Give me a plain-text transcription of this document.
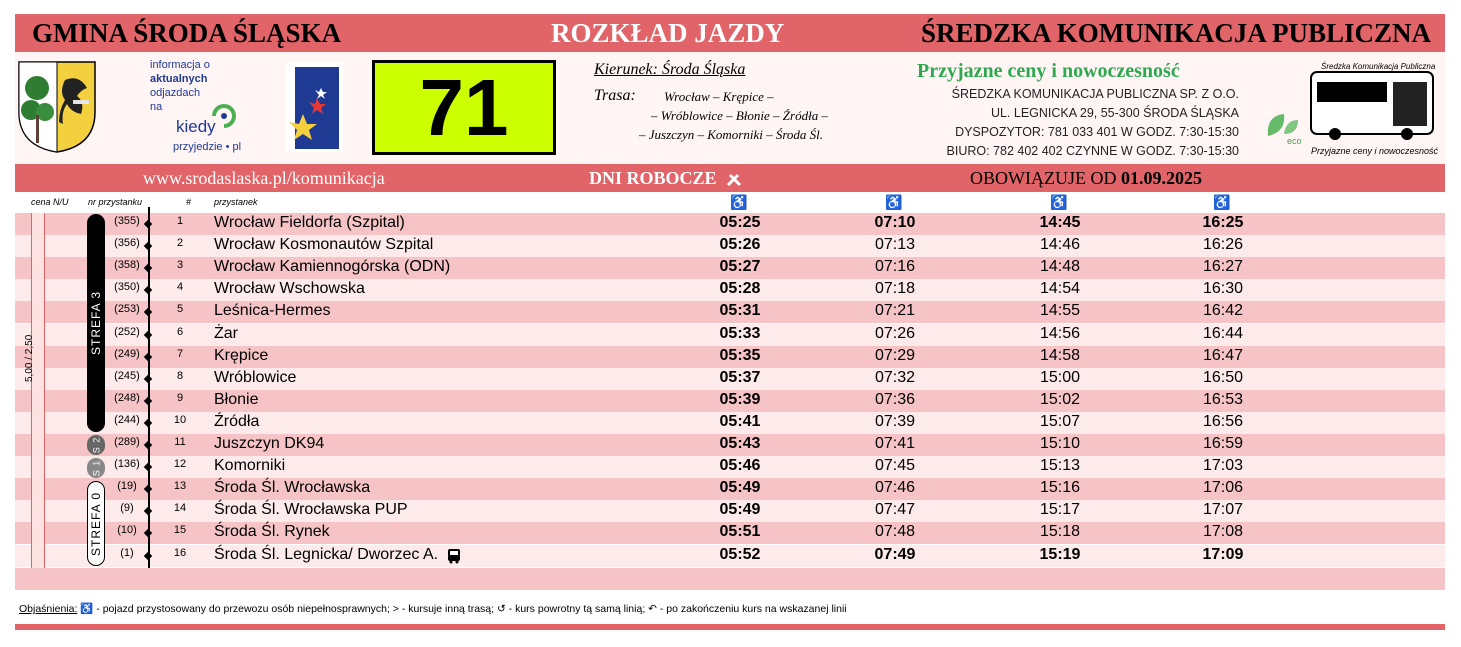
GMINA ŚRODA ŚLĄSKA	ROZKŁAD JAZDY	ŚREDZKA KOMUNIKACJA PUBLICZNA
informacja o
aktualnych
odjazdach
na
kiedy
przyjedzie • pl	71	Kierunek: Środa Śląska
Trasa: Wrocław – Krępice –
– Wróblowice – Błonie – Źródła –
– Juszczyn – Komorniki – Środa Śl.
Przyjazne ceny i nowoczesność
ŚREDZKA KOMUNIKACJA PUBLICZNA SP. Z O.O.
UL. LEGNICKA 29, 55-300 ŚRODA ŚLĄSKA
DYSPOZYTOR: 781 033 401 W GODZ. 7:30-15:30
BIURO: 782 402 402 CZYNNE W GODZ. 7:30-15:30
eco
Średzka Komunikacja Publiczna
Przyjazne ceny i nowoczesność
www.srodaslaska.pl/komunikacja	DNI ROBOCZE	OBOWIĄZUJE OD 01.09.2025
cena N/U nr przystanku	#	przystanek	♿	♿	♿	♿
(355)	1	Wrocław Fieldorfa (Szpital)	05:25	07:10	14:45	16:25
(356)	2	Wrocław Kosmonautów Szpital	05:26	07:13	14:46	16:26
(358)	3	Wrocław Kamiennogórska (ODN)	05:27	07:16	14:48	16:27
(350)	4	Wrocław Wschowska	05:28	07:18	14:54	16:30
(253)	5	Leśnica-Hermes	05:31	07:21	14:55	16:42
(252)	6	Żar	05:33	07:26	14:56	16:44
(249)	7	Krępice	05:35	07:29	14:58	16:47
(245)	8	Wróblowice	05:37	07:32	15:00	16:50
(248)	9	Błonie	05:39	07:36	15:02	16:53
(244)	10	Źródła	05:41	07:39	15:07	16:56
(289)	11	Juszczyn DK94	05:43	07:41	15:10	16:59
(136)	12	Komorniki	05:46	07:45	15:13	17:03
(19)	13	Środa Śl. Wrocławska	05:49	07:46	15:16	17:06
(9)	14	Środa Śl. Wrocławska PUP	05:49	07:47	15:17	17:07
(10)	15	Środa Śl. Rynek	05:51	07:48	15:18	17:08
(1)	16	Środa Śl. Legnicka/ Dworzec A.	05:52	07:49	15:19	17:09
5,00 / 2,50
STREFA 3
S 2
S 1
STREFA 0
Objaśnienia: ♿ - pojazd przystosowany do przewozu osób niepełnosprawnych; > - kursuje inną trasą; ↺ - kurs powrotny tą samą linią; ↶ - po zakończeniu kurs na wskazanej linii
